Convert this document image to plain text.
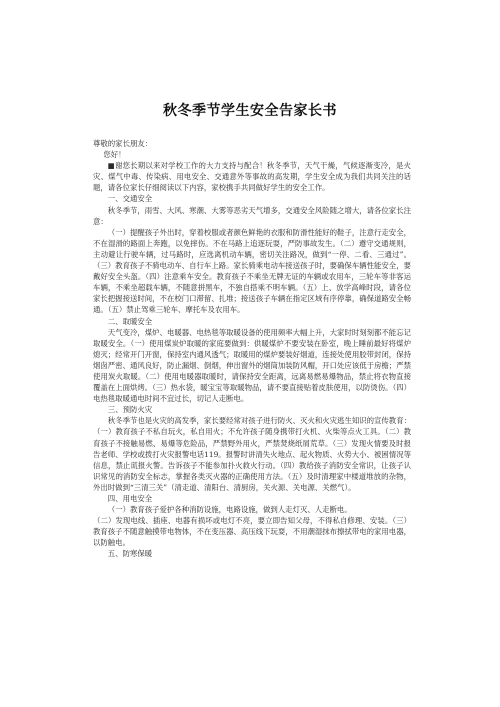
秋冬季节学生安全告家长书

尊敬的家长朋友：

您好！

■谢您长期以来对学校工作的大力支持与配合！秋冬季节，天气干燥，气候逐渐变冷，是火灾、煤气中毒、传染病、用电安全、交通意外等事故的高发期，学生安全成为我们共同关注的话题，请各位家长仔细阅读以下内容，家校携手共同做好学生的安全工作。

一、交通安全

秋冬季节，雨雪、大风、寒潮、大雾等恶劣天气增多，交通安全风险随之增大，请各位家长注意：

（一）提醒孩子外出时，穿着校服或者颜色鲜艳的衣服和防滑性能好的鞋子，注意行走安全，不在湿滑的路面上奔跑，以免摔伤。不在马路上追逐玩耍，严防事故发生。（二）遵守交通规则，主动避让行驶车辆，过马路时，应选离机动车辆，密切关注路况，做到“一停、二看、三通过”。（三）教育孩子不骑电动车、自行车上路。家长骑乘电动车接送孩子时，要确保车辆性能安全，要戴好安全头盔。（四）注意乘车安全。教育孩子不乘坐无牌无证的车辆或农用车，三轮车等非客运车辆，不乘坐超载车辆，不随意拼黑车，不独自搭乘不明车辆。（五）上、放学高峰时段，请各位家长把握接送时间，不在校门口滞留、扎堆；接送孩子车辆在指定区域有序停靠，确保道路安全畅通。（五）禁止驾乘三轮车、摩托车及农用车。

二、取暖安全

天气变冷，煤炉、电暖器、电热毯等取暖设备的使用频率大幅上升，大家时时刻刻都不能忘记取暖安全。（一）使用煤炭炉取暖的家庭要做到：供暖煤炉不要安装在卧室，晚上睡前最好将煤炉熄灭；经常开门开窗，保持室内通风透气；取暖用的煤炉要装好烟道，连接处使用胶带封闭，保持烟囱严密、通风良好，防止漏烟、倒烟，伸出窗外的烟筒加装防风帽，开口处应该低于房檐；严禁使用炭火取暖。（二）使用电暖器取暖时，请保持安全距离，远离易燃易爆物品，禁止将衣物直接覆盖在上面烘烤。（三）热水袋，暖宝宝等取暖物品，请不要直接贴着皮肤使用，以防烫伤。（四）电热毯取暖通电时间不宜过长，切记人走断电。

三、预防火灾

秋冬季节也是火灾的高发季，家长要经常对孩子进行防火、灭火和火灾逃生知识的宣传教育：（一）教育孩子不私自玩火，私自用火；不允许孩子随身携带打火机、火柴等点火工具。（二）教育孩子不接触易燃、易爆等危险品，严禁野外用火，严禁焚烧纸屑荒草。（三）发现火情要及时报告老师、学校或拨打火灾报警电话119。报警时讲清失火地点、起火物质、火势大小、被困情况等信息，禁止谎报火警。告诉孩子不能参加扑火救火行动。（四）教给孩子消防安全常识，让孩子认识常见的消防安全标志，掌握各类灭火器的正确使用方法。（五）及时清理家中楼道堆放的杂物，外出时做到“三清三关”（清走道、清阳台、清厨房，关火源、关电源、关燃气）。

四、用电安全

（一）教育孩子爱护各种消防设施，电路设施，做到人走灯灭、人走断电。

（二）发现电线、插座、电器有损坏或电灯不亮，要立即告知父母，不得私自修理、安装。（三）教育孩子不随意触摸带电物体，不在变压器、高压线下玩耍，不用潮湿抹布擦拭带电的家用电器，以防触电。

五、防寒保暖
